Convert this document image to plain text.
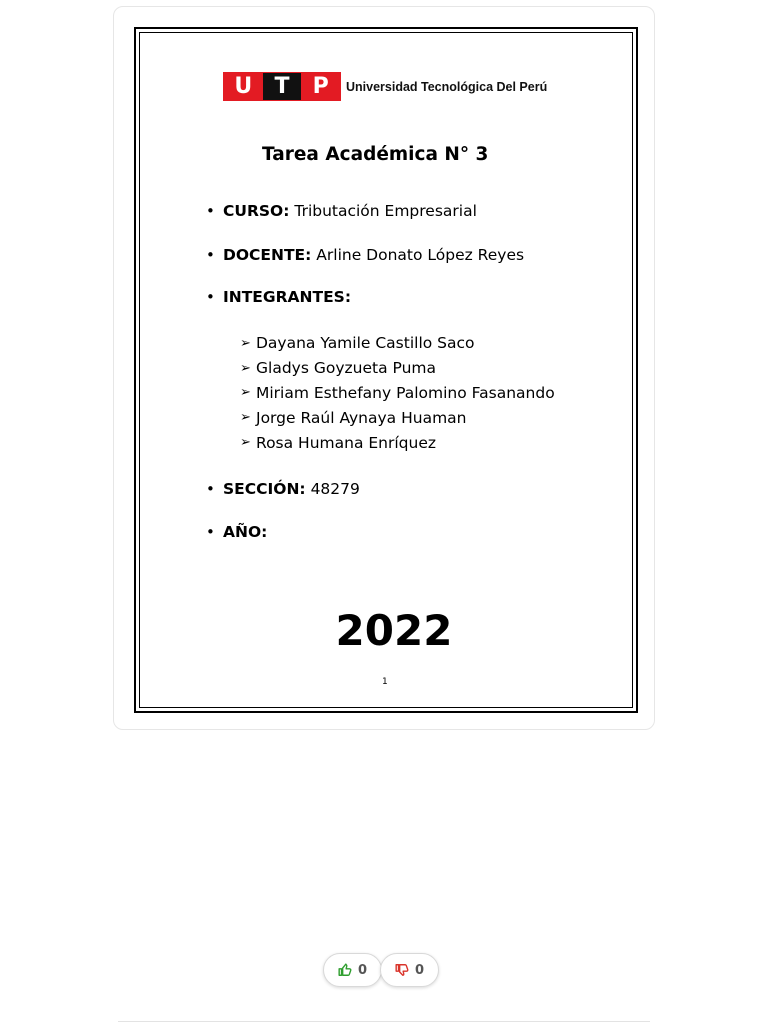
U	T	P	Universidad Tecnológica Del Perú
Tarea Académica N° 3
• CURSO:
Tributación Empresarial
• DOCENTE:
Arline Donato López Reyes
• INTEGRANTES:
➢ Dayana Yamile Castillo Saco
➢ Gladys Goyzueta Puma
➢ Miriam Esthefany Palomino Fasanando
➢ Jorge Raúl Aynaya Huaman
➢ Rosa Humana Enríquez
• SECCIÓN:
48279
• AÑO:
2022
1
0	0
